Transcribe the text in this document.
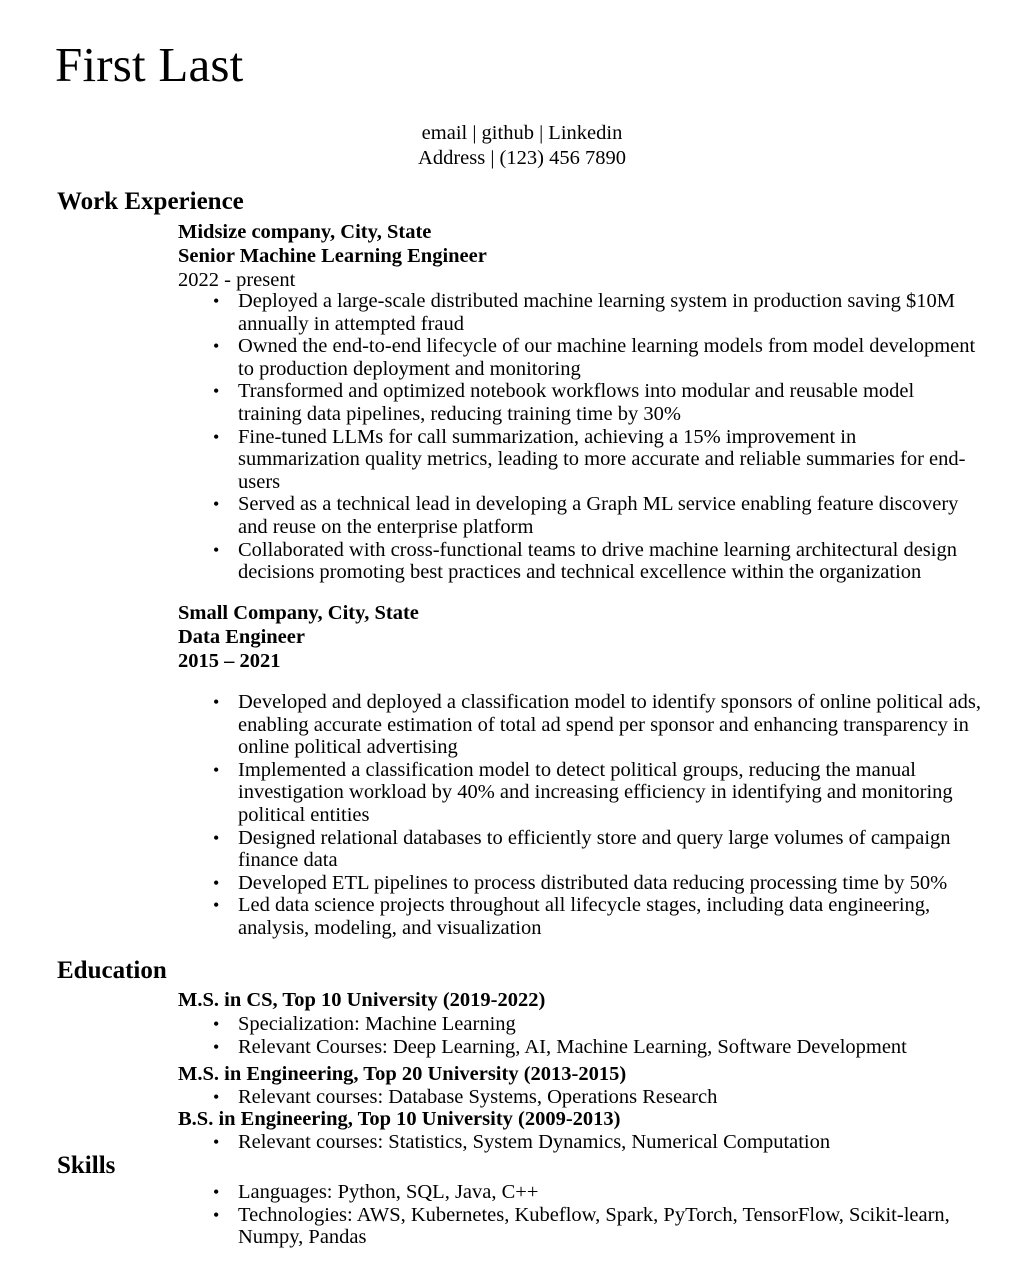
First Last
email | github | Linkedin
Address | (123) 456 7890
Work Experience
Midsize company, City, State
Senior Machine Learning Engineer
2022 - present
• Deployed a large-scale distributed machine learning system in production saving $10M annually in attempted fraud
• Owned the end-to-end lifecycle of our machine learning models from model development to production deployment and monitoring
• Transformed and optimized notebook workflows into modular and reusable model training data pipelines, reducing training time by 30%
• Fine-tuned LLMs for call summarization, achieving a 15% improvement in summarization quality metrics, leading to more accurate and reliable summaries for end-users
• Served as a technical lead in developing a Graph ML service enabling feature discovery and reuse on the enterprise platform
• Collaborated with cross-functional teams to drive machine learning architectural design decisions promoting best practices and technical excellence within the organization
Small Company, City, State
Data Engineer
2015 – 2021
• Developed and deployed a classification model to identify sponsors of online political ads, enabling accurate estimation of total ad spend per sponsor and enhancing transparency in online political advertising
• Implemented a classification model to detect political groups, reducing the manual investigation workload by 40% and increasing efficiency in identifying and monitoring political entities
• Designed relational databases to efficiently store and query large volumes of campaign finance data
• Developed ETL pipelines to process distributed data reducing processing time by 50%
• Led data science projects throughout all lifecycle stages, including data engineering, analysis, modeling, and visualization
Education
M.S. in CS, Top 10 University (2019-2022)
• Specialization: Machine Learning
• Relevant Courses: Deep Learning, AI, Machine Learning, Software Development
M.S. in Engineering, Top 20 University (2013-2015)
• Relevant courses: Database Systems, Operations Research
B.S. in Engineering, Top 10 University (2009-2013)
• Relevant courses: Statistics, System Dynamics, Numerical Computation
Skills
• Languages: Python, SQL, Java, C++
• Technologies: AWS, Kubernetes, Kubeflow, Spark, PyTorch, TensorFlow, Scikit-learn, Numpy, Pandas
